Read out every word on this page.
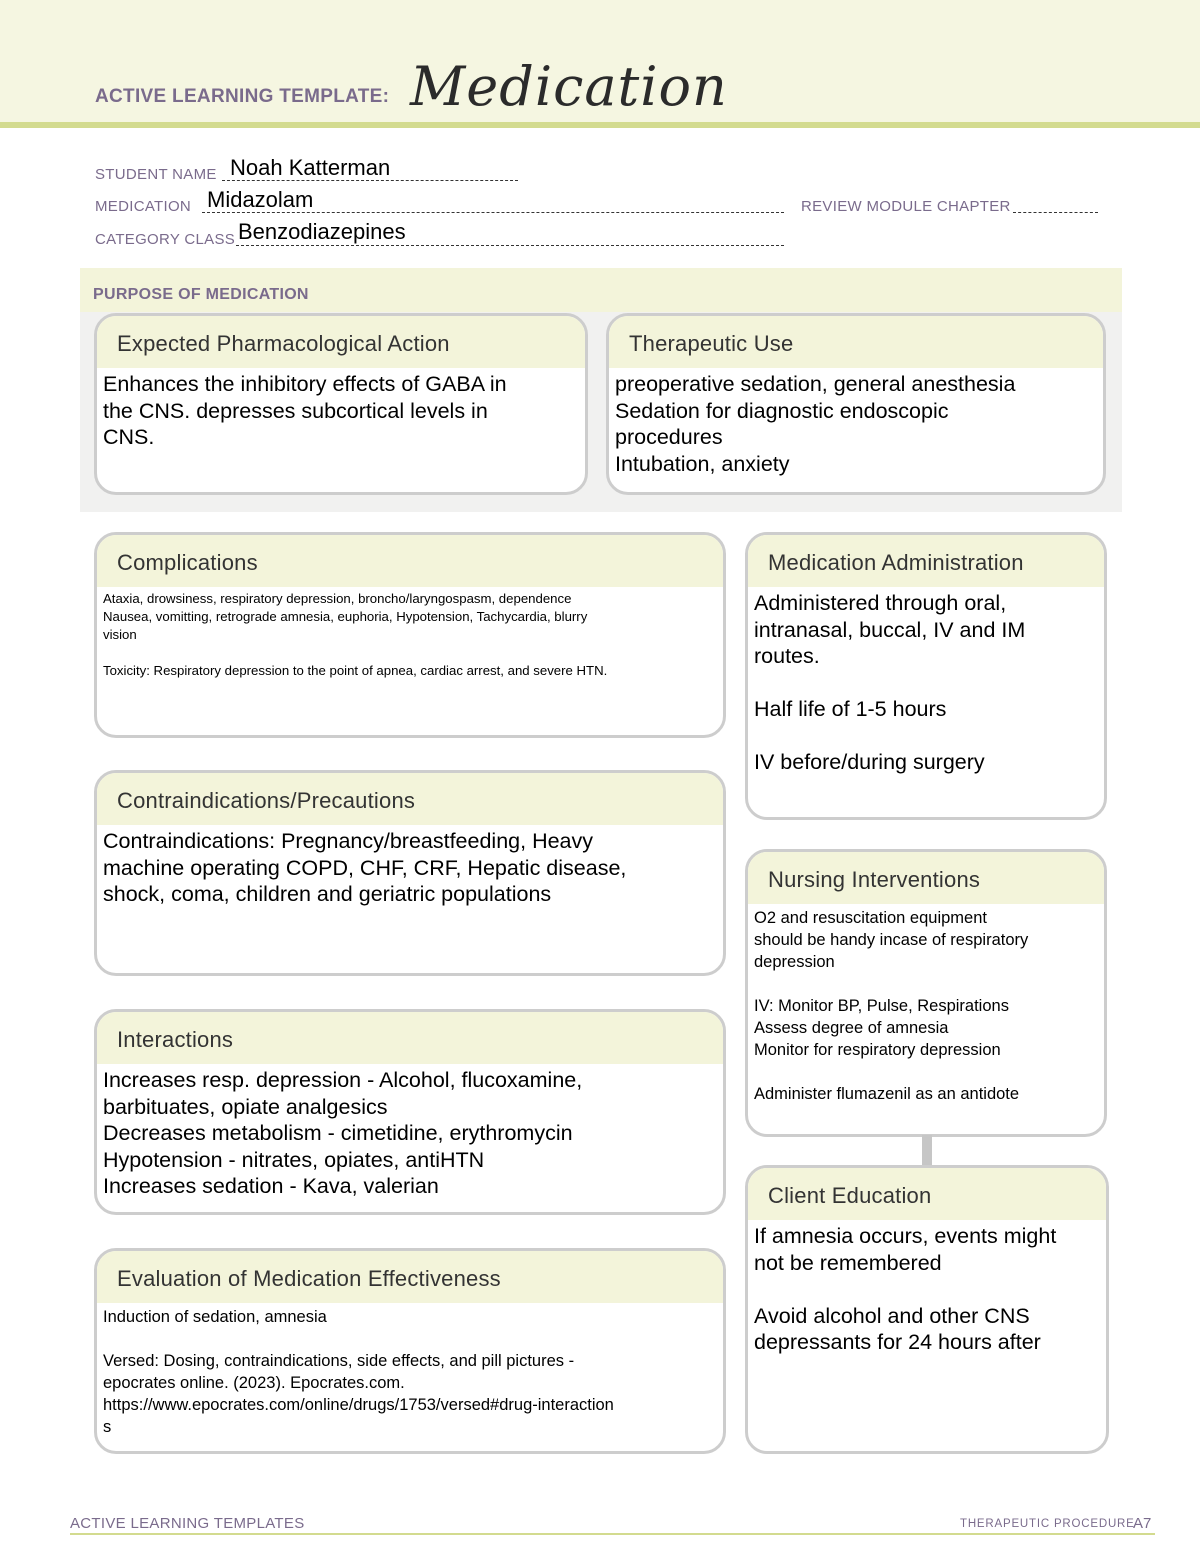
ACTIVE LEARNING TEMPLATE: Medication
STUDENT NAME Noah Katterman
MEDICATION Midazolam	REVIEW MODULE CHAPTER
CATEGORY CLASS Benzodiazepines
PURPOSE OF MEDICATION
Expected Pharmacological Action
Enhances the inhibitory effects of GABA in
the CNS. depresses subcortical levels in
CNS.
Therapeutic Use
preoperative sedation, general anesthesia
Sedation for diagnostic endoscopic
procedures
Intubation, anxiety
Complications
Ataxia, drowsiness, respiratory depression, broncho/laryngospasm, dependence
Nausea, vomitting, retrograde amnesia, euphoria, Hypotension, Tachycardia, blurry
vision

Toxicity: Respiratory depression to the point of apnea, cardiac arrest, and severe HTN.
Contraindications/Precautions
Contraindications: Pregnancy/breastfeeding, Heavy
machine operating COPD, CHF, CRF, Hepatic disease,
shock, coma, children and geriatric populations
Interactions
Increases resp. depression - Alcohol, flucoxamine,
barbituates, opiate analgesics
Decreases metabolism - cimetidine, erythromycin
Hypotension - nitrates, opiates, antiHTN
Increases sedation - Kava, valerian
Evaluation of Medication Effectiveness
Induction of sedation, amnesia

Versed: Dosing, contraindications, side effects, and pill pictures -
epocrates online. (2023). Epocrates.com.
https://www.epocrates.com/online/drugs/1753/versed#drug-interaction
s
Medication Administration
Administered through oral,
intranasal, buccal, IV and IM
routes.

Half life of 1-5 hours

IV before/during surgery
Nursing Interventions
O2 and resuscitation equipment
should be handy incase of respiratory
depression

IV: Monitor BP, Pulse, Respirations
Assess degree of amnesia
Monitor for respiratory depression

Administer flumazenil as an antidote
Client Education
If amnesia occurs, events might
not be remembered

Avoid alcohol and other CNS
depressants for 24 hours after
ACTIVE LEARNING TEMPLATES	THERAPEUTIC PROCEDURE
A7
